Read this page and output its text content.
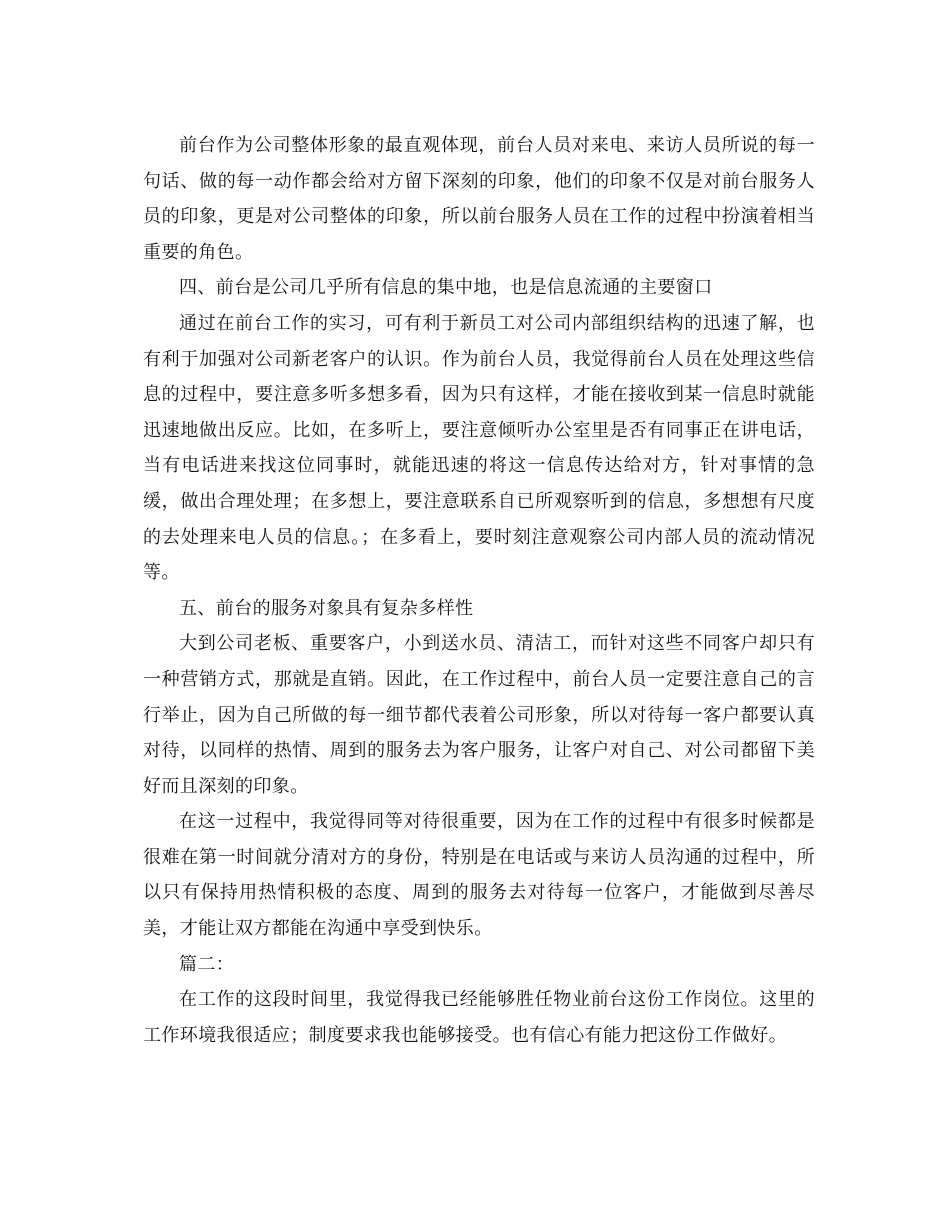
前台作为公司整体形象的最直观体现，前台人员对来电、来访人员所说的每一句话、做的每一动作都会给对方留下深刻的印象，他们的印象不仅是对前台服务人员的印象，更是对公司整体的印象，所以前台服务人员在工作的过程中扮演着相当重要的角色。

四、前台是公司几乎所有信息的集中地，也是信息流通的主要窗口

通过在前台工作的实习，可有利于新员工对公司内部组织结构的迅速了解，也有利于加强对公司新老客户的认识。作为前台人员，我觉得前台人员在处理这些信息的过程中，要注意多听多想多看，因为只有这样，才能在接收到某一信息时就能迅速地做出反应。比如，在多听上，要注意倾听办公室里是否有同事正在讲电话，当有电话进来找这位同事时，就能迅速的将这一信息传达给对方，针对事情的急缓，做出合理处理；在多想上，要注意联系自已所观察听到的信息，多想想有尺度的去处理来电人员的信息。；在多看上，要时刻注意观察公司内部人员的流动情况等。

五、前台的服务对象具有复杂多样性

大到公司老板、重要客户，小到送水员、清洁工，而针对这些不同客户却只有一种营销方式，那就是直销。因此，在工作过程中，前台人员一定要注意自己的言行举止，因为自己所做的每一细节都代表着公司形象，所以对待每一客户都要认真对待，以同样的热情、周到的服务去为客户服务，让客户对自己、对公司都留下美好而且深刻的印象。

在这一过程中，我觉得同等对待很重要，因为在工作的过程中有很多时候都是很难在第一时间就分清对方的身份，特别是在电话或与来访人员沟通的过程中，所以只有保持用热情积极的态度、周到的服务去对待每一位客户，才能做到尽善尽美，才能让双方都能在沟通中享受到快乐。

篇二：

在工作的这段时间里，我觉得我已经能够胜任物业前台这份工作岗位。这里的工作环境我很适应；制度要求我也能够接受。也有信心有能力把这份工作做好。
